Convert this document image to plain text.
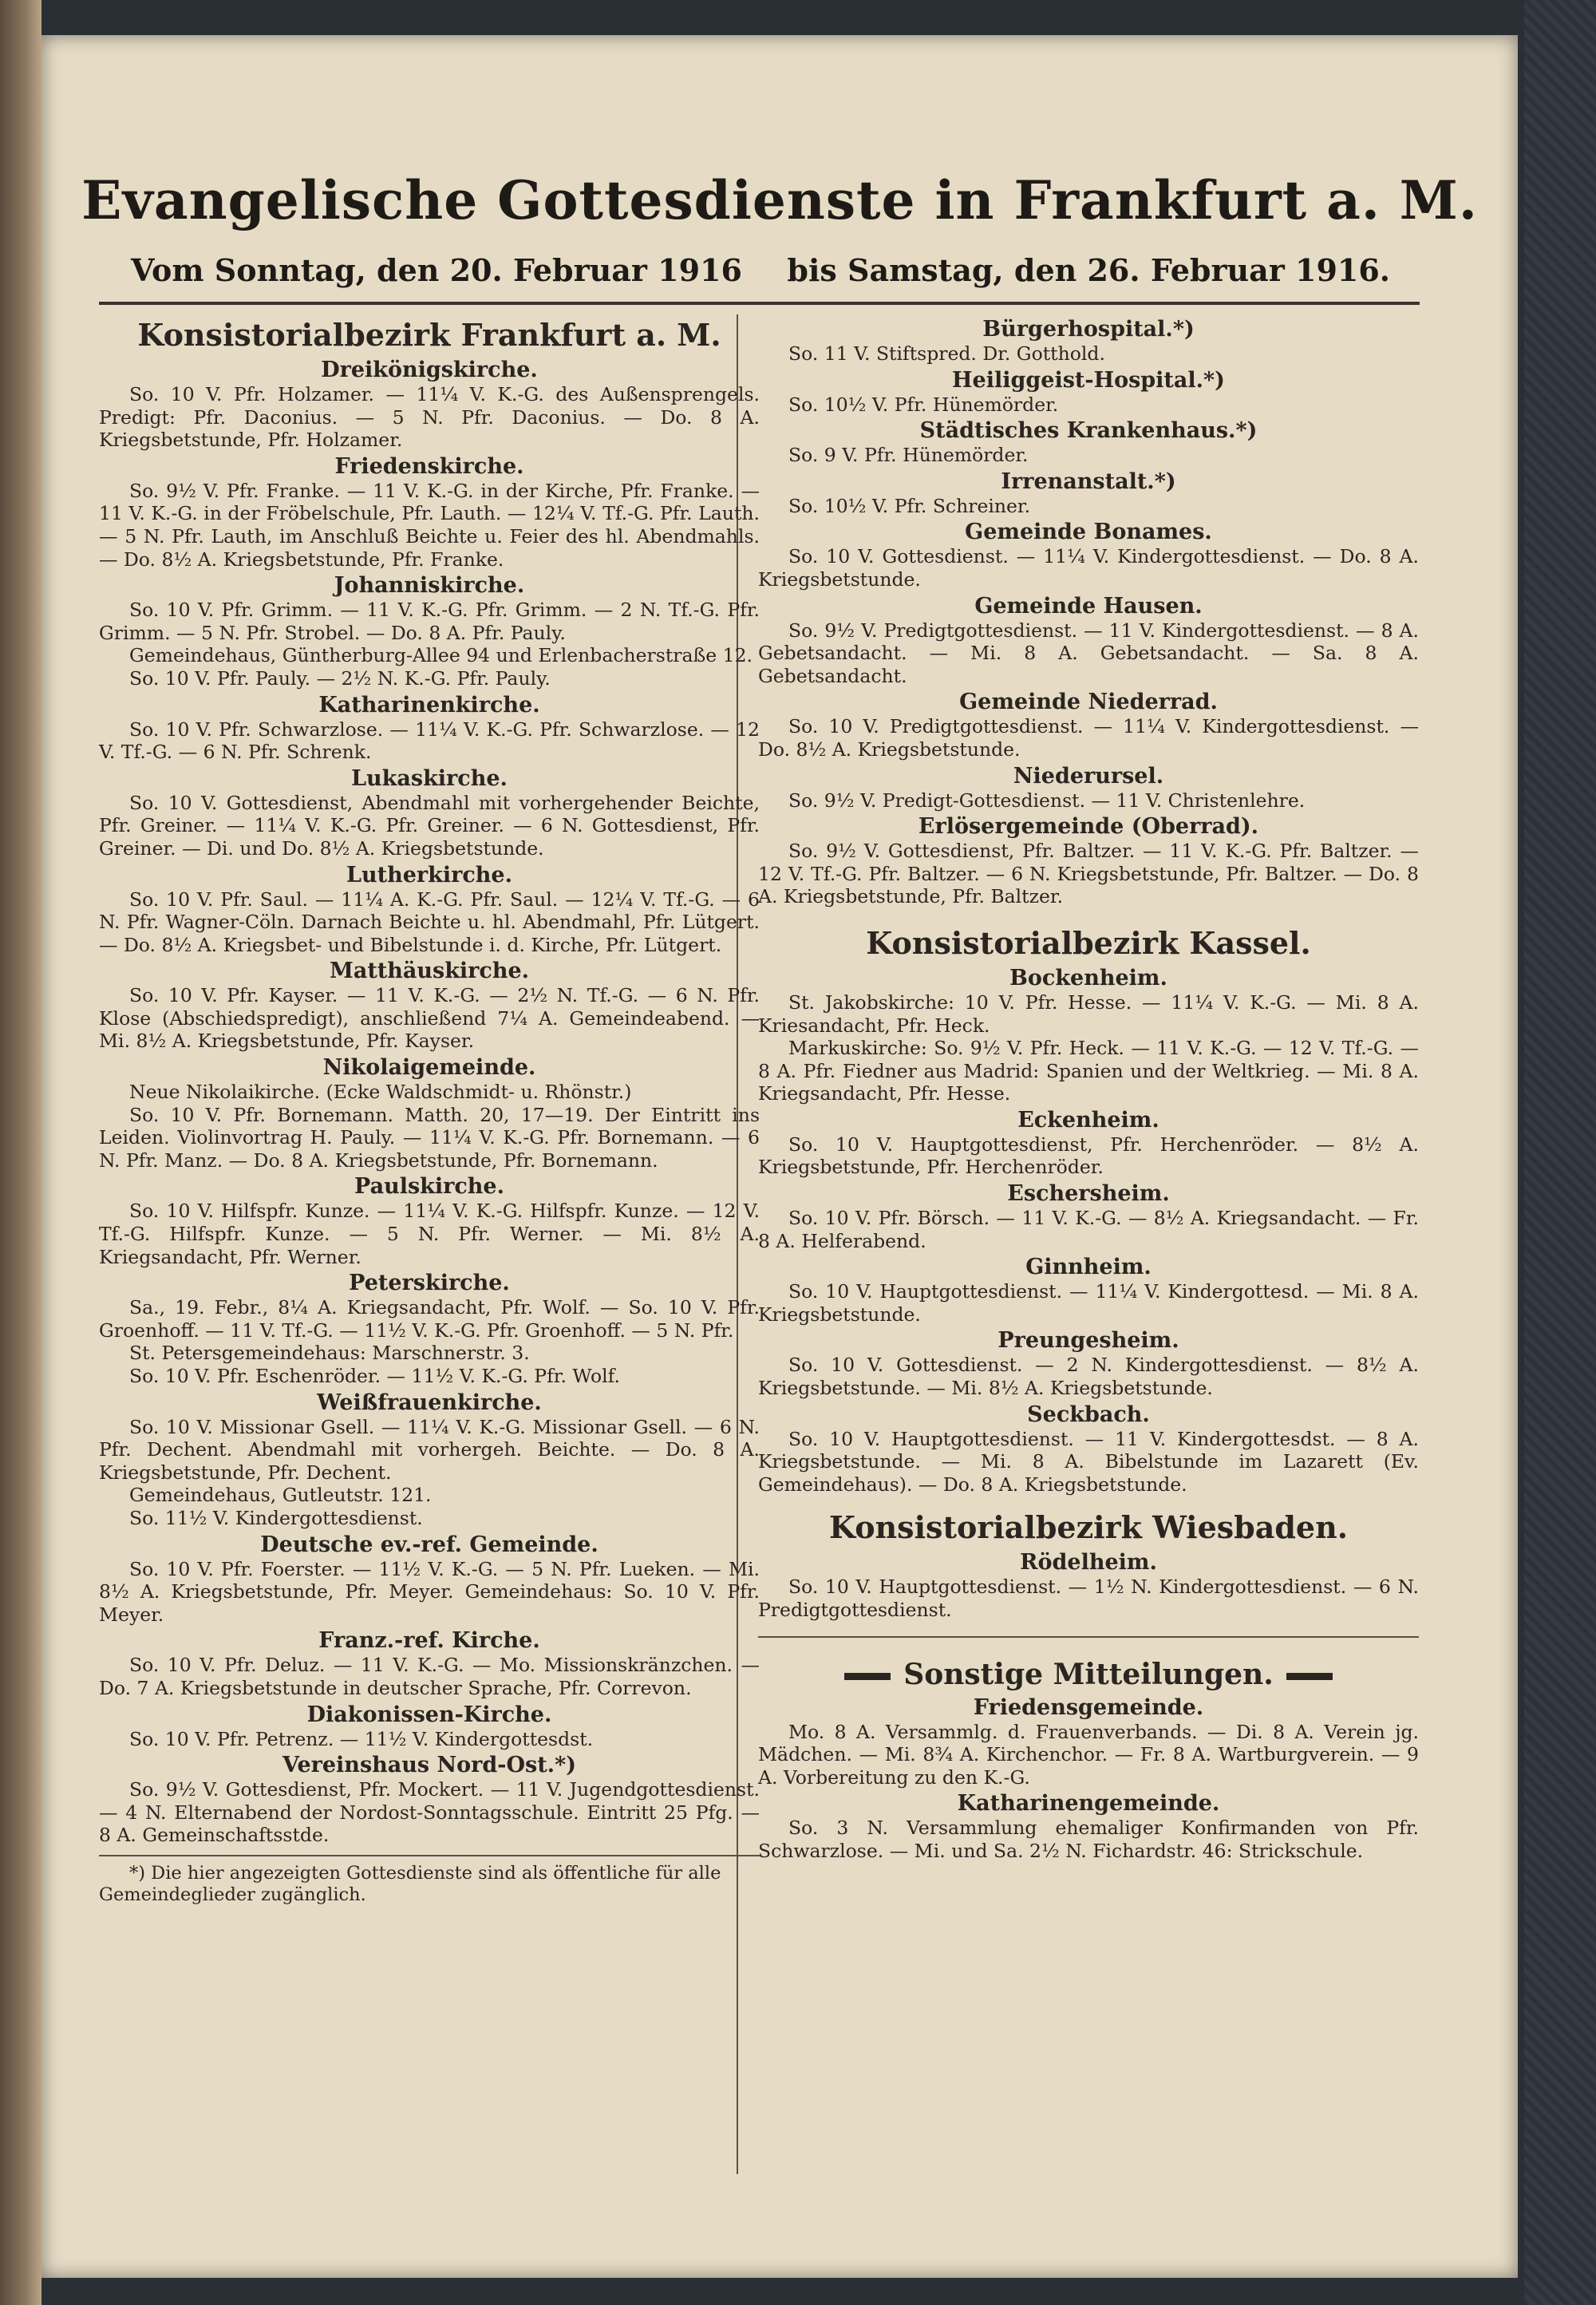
Evangelische Gottesdienste in Frankfurt a. M.
Vom Sonntag, den 20. Februar 1916 bis Samstag, den 26. Februar 1916.
Konsistorialbezirk Frankfurt a. M.
Dreikönigskirche.

So. 10 V. Pfr. Holzamer. — 11¼ V. K.-G. des Außensprengels. Predigt: Pfr. Daconius. — 5 N. Pfr. Daconius. — Do. 8 A. Kriegsbetstunde, Pfr. Holzamer.

Friedenskirche.

So. 9½ V. Pfr. Franke. — 11 V. K.-G. in der Kirche, Pfr. Franke. — 11 V. K.-G. in der Fröbelschule, Pfr. Lauth. — 12¼ V. Tf.-G. Pfr. Lauth. — 5 N. Pfr. Lauth, im Anschluß Beichte u. Feier des hl. Abendmahls. — Do. 8½ A. Kriegsbetstunde, Pfr. Franke.

Johanniskirche.

So. 10 V. Pfr. Grimm. — 11 V. K.-G. Pfr. Grimm. — 2 N. Tf.-G. Pfr. Grimm. — 5 N. Pfr. Strobel. — Do. 8 A. Pfr. Pauly.

Gemeindehaus, Güntherburg-Allee 94 und Erlenbacherstraße 12.

So. 10 V. Pfr. Pauly. — 2½ N. K.-G. Pfr. Pauly.

Katharinenkirche.

So. 10 V. Pfr. Schwarzlose. — 11¼ V. K.-G. Pfr. Schwarzlose. — 12 V. Tf.-G. — 6 N. Pfr. Schrenk.

Lukaskirche.

So. 10 V. Gottesdienst, Abendmahl mit vorhergehender Beichte, Pfr. Greiner. — 11¼ V. K.-G. Pfr. Greiner. — 6 N. Gottesdienst, Pfr. Greiner. — Di. und Do. 8½ A. Kriegsbetstunde.

Lutherkirche.

So. 10 V. Pfr. Saul. — 11¼ A. K.-G. Pfr. Saul. — 12¼ V. Tf.-G. — 6 N. Pfr. Wagner-Cöln. Darnach Beichte u. hl. Abendmahl, Pfr. Lütgert. — Do. 8½ A. Kriegsbet- und Bibelstunde i. d. Kirche, Pfr. Lütgert.

Matthäuskirche.

So. 10 V. Pfr. Kayser. — 11 V. K.-G. — 2½ N. Tf.-G. — 6 N. Pfr. Klose (Abschiedspredigt), anschließend 7¼ A. Gemeindeabend. — Mi. 8½ A. Kriegsbetstunde, Pfr. Kayser.

Nikolaigemeinde.

Neue Nikolaikirche. (Ecke Waldschmidt- u. Rhönstr.)

So. 10 V. Pfr. Bornemann. Matth. 20, 17—19. Der Eintritt ins Leiden. Violinvortrag H. Pauly. — 11¼ V. K.-G. Pfr. Bornemann. — 6 N. Pfr. Manz. — Do. 8 A. Kriegsbetstunde, Pfr. Bornemann.

Paulskirche.

So. 10 V. Hilfspfr. Kunze. — 11¼ V. K.-G. Hilfspfr. Kunze. — 12 V. Tf.-G. Hilfspfr. Kunze. — 5 N. Pfr. Werner. — Mi. 8½ A. Kriegsandacht, Pfr. Werner.

Peterskirche.

Sa., 19. Febr., 8¼ A. Kriegsandacht, Pfr. Wolf. — So. 10 V. Pfr. Groenhoff. — 11 V. Tf.-G. — 11½ V. K.-G. Pfr. Groenhoff. — 5 N. Pfr.

St. Petersgemeindehaus: Marschnerstr. 3.

So. 10 V. Pfr. Eschenröder. — 11½ V. K.-G. Pfr. Wolf.

Weißfrauenkirche.

So. 10 V. Missionar Gsell. — 11¼ V. K.-G. Missionar Gsell. — 6 N. Pfr. Dechent. Abendmahl mit vorhergeh. Beichte. — Do. 8 A. Kriegsbetstunde, Pfr. Dechent.

Gemeindehaus, Gutleutstr. 121.

So. 11½ V. Kindergottesdienst.

Deutsche ev.-ref. Gemeinde.

So. 10 V. Pfr. Foerster. — 11½ V. K.-G. — 5 N. Pfr. Lueken. — Mi. 8½ A. Kriegsbetstunde, Pfr. Meyer. Gemeindehaus: So. 10 V. Pfr. Meyer.

Franz.-ref. Kirche.

So. 10 V. Pfr. Deluz. — 11 V. K.-G. — Mo. Missionskränzchen. — Do. 7 A. Kriegsbetstunde in deutscher Sprache, Pfr. Correvon.

Diakonissen-Kirche.

So. 10 V. Pfr. Petrenz. — 11½ V. Kindergottesdst.

Vereinshaus Nord-Ost.*)

So. 9½ V. Gottesdienst, Pfr. Mockert. — 11 V. Jugendgottesdienst. — 4 N. Elternabend der Nordost-Sonntagsschule. Eintritt 25 Pfg. — 8 A. Gemeinschaftsstde.

*) Die hier angezeigten Gottesdienste sind als öffentliche für alle Gemeindeglieder zugänglich.
Bürgerhospital.*)

So. 11 V. Stiftspred. Dr. Gotthold.

Heiliggeist-Hospital.*)

So. 10½ V. Pfr. Hünemörder.

Städtisches Krankenhaus.*)

So. 9 V. Pfr. Hünemörder.

Irrenanstalt.*)

So. 10½ V. Pfr. Schreiner.

Gemeinde Bonames.

So. 10 V. Gottesdienst. — 11¼ V. Kindergottesdienst. — Do. 8 A. Kriegsbetstunde.

Gemeinde Hausen.

So. 9½ V. Predigtgottesdienst. — 11 V. Kindergottesdienst. — 8 A. Gebetsandacht. — Mi. 8 A. Gebetsandacht. — Sa. 8 A. Gebetsandacht.

Gemeinde Niederrad.

So. 10 V. Predigtgottesdienst. — 11¼ V. Kindergottesdienst. — Do. 8½ A. Kriegsbetstunde.

Niederursel.

So. 9½ V. Predigt-Gottesdienst. — 11 V. Christenlehre.

Erlösergemeinde (Oberrad).

So. 9½ V. Gottesdienst, Pfr. Baltzer. — 11 V. K.-G. Pfr. Baltzer. — 12 V. Tf.-G. Pfr. Baltzer. — 6 N. Kriegsbetstunde, Pfr. Baltzer. — Do. 8 A. Kriegsbetstunde, Pfr. Baltzer.

Konsistorialbezirk Kassel.
Bockenheim.

St. Jakobskirche: 10 V. Pfr. Hesse. — 11¼ V. K.-G. — Mi. 8 A. Kriesandacht, Pfr. Heck.

Markuskirche: So. 9½ V. Pfr. Heck. — 11 V. K.-G. — 12 V. Tf.-G. — 8 A. Pfr. Fiedner aus Madrid: Spanien und der Weltkrieg. — Mi. 8 A. Kriegsandacht, Pfr. Hesse.

Eckenheim.

So. 10 V. Hauptgottesdienst, Pfr. Herchenröder. — 8½ A. Kriegsbetstunde, Pfr. Herchenröder.

Eschersheim.

So. 10 V. Pfr. Börsch. — 11 V. K.-G. — 8½ A. Kriegsandacht. — Fr. 8 A. Helferabend.

Ginnheim.

So. 10 V. Hauptgottesdienst. — 11¼ V. Kindergottesd. — Mi. 8 A. Kriegsbetstunde.

Preungesheim.

So. 10 V. Gottesdienst. — 2 N. Kindergottesdienst. — 8½ A. Kriegsbetstunde. — Mi. 8½ A. Kriegsbetstunde.

Seckbach.

So. 10 V. Hauptgottesdienst. — 11 V. Kindergottesdst. — 8 A. Kriegsbetstunde. — Mi. 8 A. Bibelstunde im Lazarett (Ev. Gemeindehaus). — Do. 8 A. Kriegsbetstunde.

Konsistorialbezirk Wiesbaden.
Rödelheim.

So. 10 V. Hauptgottesdienst. — 1½ N. Kindergottesdienst. — 6 N. Predigtgottesdienst.

Sonstige Mitteilungen.
Friedensgemeinde.

Mo. 8 A. Versammlg. d. Frauenverbands. — Di. 8 A. Verein jg. Mädchen. — Mi. 8¾ A. Kirchenchor. — Fr. 8 A. Wartburgverein. — 9 A. Vorbereitung zu den K.-G.

Katharinengemeinde.

So. 3 N. Versammlung ehemaliger Konfirmanden von Pfr. Schwarzlose. — Mi. und Sa. 2½ N. Fichardstr. 46: Strickschule.
